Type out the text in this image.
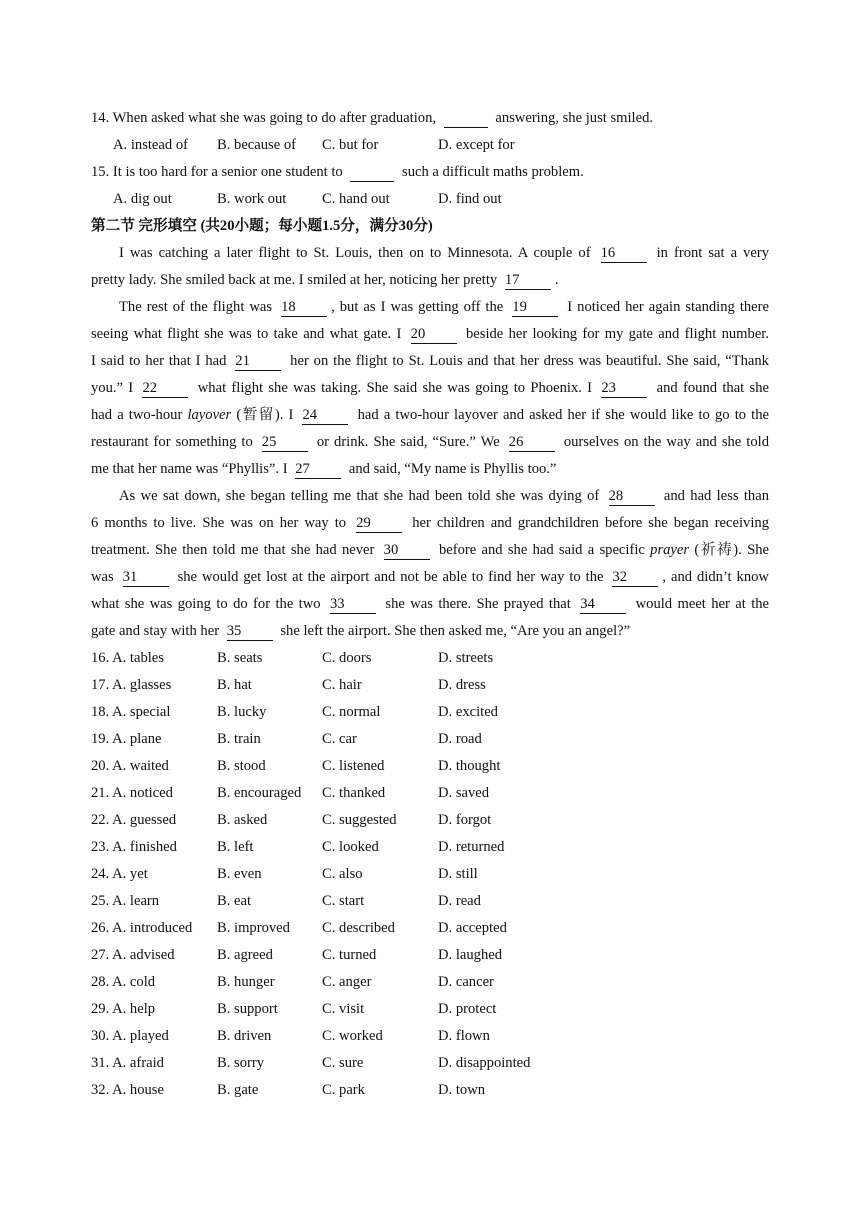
14. When asked what she was going to do after graduation,	answering, she just smiled.
A. instead of	B. because of	C. but for	D. except for
15. It is too hard for a senior one student to	such a difficult maths problem.
A. dig out	B. work out	C. hand out	D. find out
第二节 完形填空 (共20小题；每小题1.5分，满分30分)
I was catching a later flight to St. Louis, then on to Minnesota. A couple of 16	in front sat a very
pretty lady. She smiled back at me. I smiled at her, noticing her pretty 17 .
The rest of the flight was 18 , but as I was getting off the 19	I noticed her again standing there
seeing what flight she was to take and what gate. I 20	beside her looking for my gate and flight number.
I said to her that I had 21	her on the flight to St. Louis and that her dress was beautiful. She said, “Thank
you.” I 22	what flight she was taking. She said she was going to Phoenix. I 23	and found that she
had a two-hour layover (暂留). I 24	had a two-hour layover and asked her if she would like to go to the
restaurant for something to 25	or drink. She said, “Sure.” We 26	ourselves on the way and she told
me that her name was “Phyllis”. I 27	and said, “My name is Phyllis too.”
As we sat down, she began telling me that she had been told she was dying of 28	and had less than
6 months to live. She was on her way to 29	her children and grandchildren before she began receiving
treatment. She then told me that she had never 30	before and she had said a specific prayer (祈祷). She
was 31	she would get lost at the airport and not be able to find her way to the 32 , and didn’t know
what she was going to do for the two 33	she was there. She prayed that 34	would meet her at the
gate and stay with her 35	she left the airport. She then asked me, “Are you an angel?”
16. A. tables	B. seats	C. doors	D. streets
17. A. glasses	B. hat	C. hair	D. dress
18. A. special	B. lucky	C. normal	D. excited
19. A. plane	B. train	C. car	D. road
20. A. waited	B. stood	C. listened	D. thought
21. A. noticed	B. encouraged	C. thanked	D. saved
22. A. guessed	B. asked	C. suggested	D. forgot
23. A. finished	B. left	C. looked	D. returned
24. A. yet	B. even	C. also	D. still
25. A. learn	B. eat	C. start	D. read
26. A. introduced	B. improved	C. described	D. accepted
27. A. advised	B. agreed	C. turned	D. laughed
28. A. cold	B. hunger	C. anger	D. cancer
29. A. help	B. support	C. visit	D. protect
30. A. played	B. driven	C. worked	D. flown
31. A. afraid	B. sorry	C. sure	D. disappointed
32. A. house	B. gate	C. park	D. town
